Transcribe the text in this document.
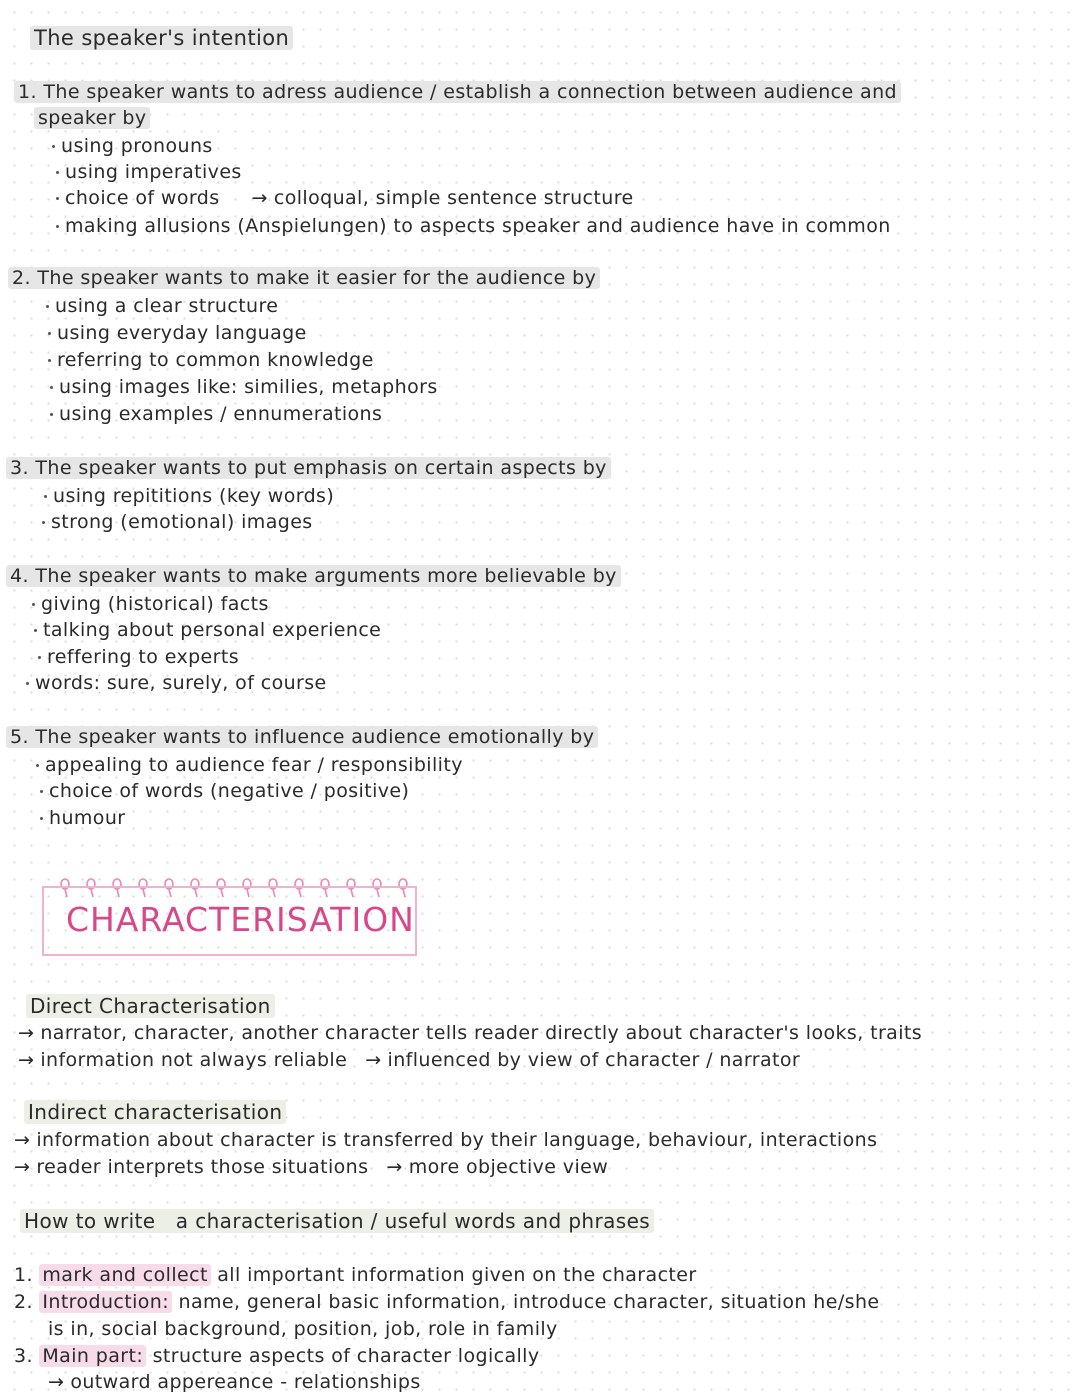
The speaker's intention
1. The speaker wants to adress audience / establish a connection between audience and
speaker by
using pronouns
using imperatives
choice of words → colloqual, simple sentence structure
making allusions (Anspielungen) to aspects speaker and audience have in common
2. The speaker wants to make it easier for the audience by
using a clear structure
using everyday language
referring to common knowledge
using images like: similies, metaphors
using examples / ennumerations
3. The speaker wants to put emphasis on certain aspects by
using repititions (key words)
strong (emotional) images
4. The speaker wants to make arguments more believable by
giving (historical) facts
talking about personal experience
reffering to experts
words: sure, surely, of course
5. The speaker wants to influence audience emotionally by
appealing to audience fear / responsibility
choice of words (negative / positive)
humour
CHARACTERISATION
Direct Characterisation
→ narrator, character, another character tells reader directly about character's looks, traits
→ information not always reliable → influenced by view of character / narrator
Indirect characterisation
→ information about character is transferred by their language, behaviour, interactions
→ reader interprets those situations → more objective view
How to write a characterisation / useful words and phrases
1. mark and collect all important information given on the character
2. Introduction: name, general basic information, introduce character, situation he/she
is in, social background, position, job, role in family
3. Main part: structure aspects of character logically
→ outward appereance - relationships
